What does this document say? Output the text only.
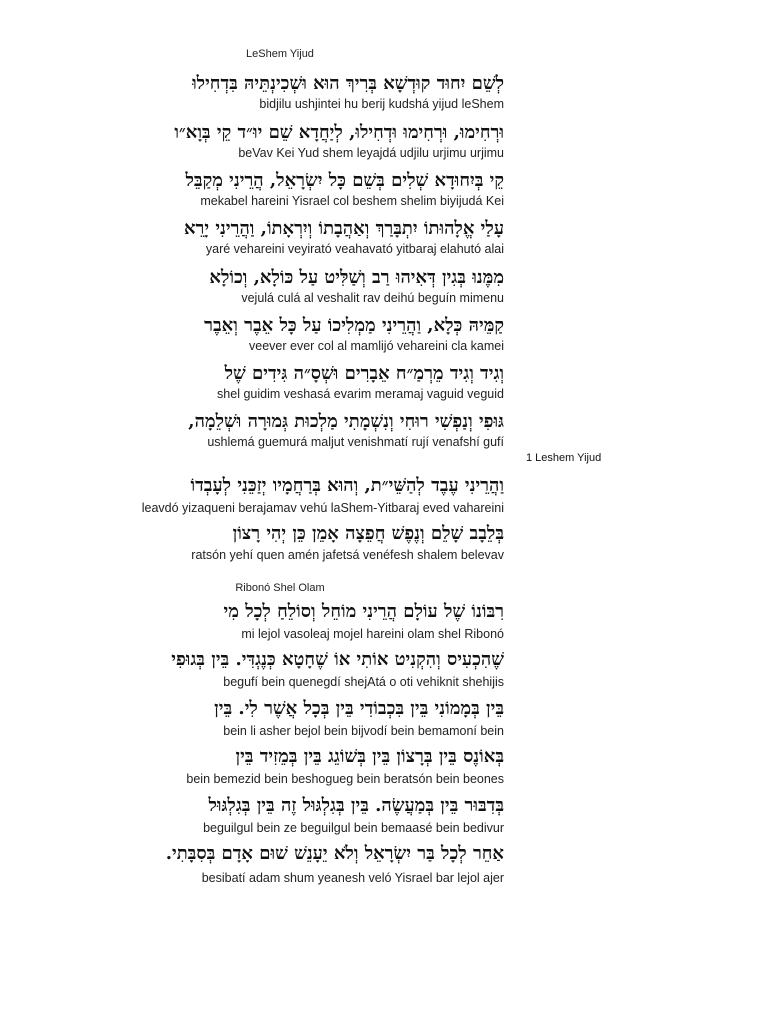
LeShem Yijud
לְשֵׁם יִחוּד קוּדְשָׁא בְּרִיךְ הוּא וּשְׁכִינְתֵּיהּ בִּדְחִילוּ
bidjilu ushjintei hu berij kudshá yijud leShem
וּרְחִימוּ, וּרְחִימוּ וּדְחִילוּ, לְיַחֲדָא שֵׁם יוּ״ד קֵי בְּוָא״ו
beVav Kei Yud shem leyajdá udjilu urjimu urjimu
קֵי בְּיִחוּדָא שְׁלִים בְּשֵׁם כָּל יִשְׂרָאֵל, הֲרֵינִי מְקַבֵּל
mekabel hareini Yisrael col beshem shelim biyijudá Kei
עָלַי אֱלָהוּתוֹ יִתְבָּרַךְ וְאַהֲבָתוֹ וְיִרְאָתוֹ, וַהֲרֵינִי יָרֵא
yaré vehareini veyirató veahavató yitbaraj elahutó alai
מִמֶּנוּ בְּגִין דְּאִיהוּ רַב וְשַׁלִּיט עַל כּוֹלָא, וְכוֹלָא
vejulá culá al veshalit rav deihú beguín mimenu
קַמֵּיהּ כְּלָא, וַהֲרֵינִי מַמְלִיכוֹ עַל כָּל אֵבֶר וְאֵבֶר
veever ever col al mamlijó vehareini cla kamei
וְגִיד וְגִיד מֵרְמַ״ח אֵבָרִים וּשְׁסָ״ה גִּידִים שֶׁל
shel guidim veshasá evarim meramaj vaguid veguid
גּוּפִי וְנַפְשִׁי רוּחִי וְנִשְׁמָתִי מַלְכוּת גְּמוּרָה וּשְׁלֵמָה,
ushlemá guemurá maljut venishmatí rují venafshí gufí
וַהֲרֵינִי עֶבֶד לְהַשֵּׁי״ת, וְהוּא בְּרַחֲמָיו יְזַכֵּנִי לְעָבְדוֹ
leavdó yizaqueni berajamav vehú laShem-Yitbaraj eved vahareini
בְּלֵבָב שָׁלֵם וְנֶפֶשׁ חֲפֵצָה אָמֵן כֵּן יְהִי רָצוֹן
ratsón yehí quen amén jafetsá venéfesh shalem belevav
Ribonó Shel Olam
רִבּוֹנוֹ שֶׁל עוֹלָם הֲרֵינִי מוֹחֵל וְסוֹלֵחַ לְכָל מִי
mi lejol vasoleaj mojel hareini olam shel Ribonó
שֶׁהִכְעִיס וְהִקְנִיט אוֹתִי אוֹ שֶׁחָטָא כְּנֶגְדִּי. בֵּין בְּגוּפִי
begufí bein quenegdí shejAtá o oti vehiknit shehijis
בֵּין בְּמָמוֹנִי בֵּין בִּכְבוֹדִי בֵּין בְּכָל אֲשֶׁר לִי. בֵּין
bein li asher bejol bein bijvodí bein bemamoní bein
בְּאוֹנֶס בֵּין בְּרָצוֹן בֵּין בְּשׁוֹגֵג בֵּין בְּמֵזִיד בֵּין
bein bemezid bein beshogueg bein beratsón bein beones
בְּדִבּוּר בֵּין בְּמַעֲשֶׂה. בֵּין בְּגִלְגּוּל זֶה בֵּין בְּגִלְגּוּל
beguilgul bein ze beguilgul bein bemaasé bein bedivur
אַחֵר לְכָל בַּר יִשְׂרָאֵל וְלֹא יֵעָנֵשׁ שׁוּם אָדָם בְּסִבָּתִי.
besibatí adam shum yeanesh veló Yisrael bar lejol ajer
1 Leshem Yijud
